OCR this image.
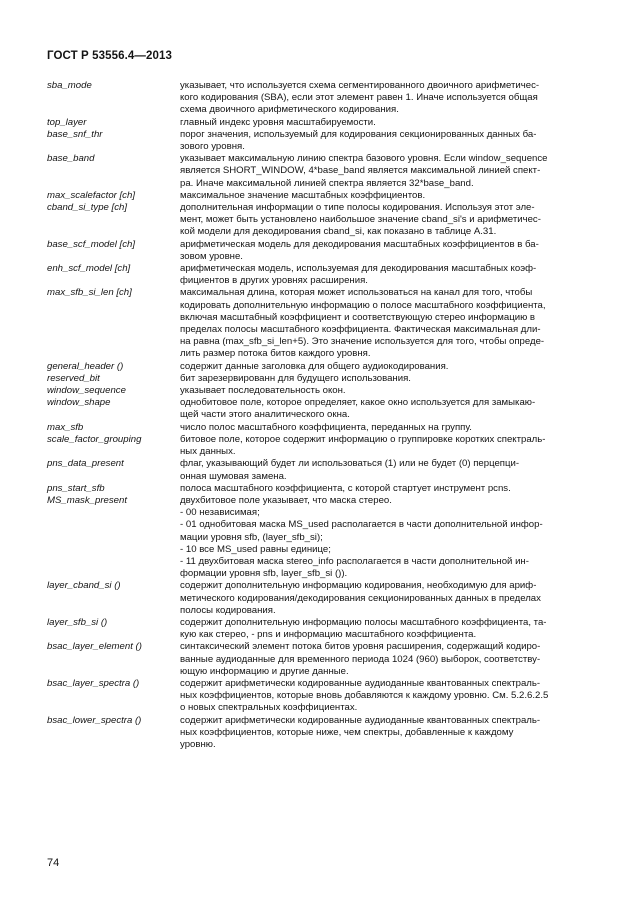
ГОСТ Р 53556.4—2013
sba_mode	указывает, что используется схема сегментированного двоичного арифметичес-
кого кодирования (SBA), если этот элемент равен 1. Иначе используется общая
схема двоичного арифметического кодирования.
top_layer	главный индекс уровня масштабируемости.
base_snf_thr	порог значения, используемый для кодирования секционированных данных ба-
зового уровня.
base_band	указывает максимальную линию спектра базового уровня. Если window_sequence
является SHORT_WINDOW, 4*base_band является максимальной линией спект-
ра. Иначе максимальной линией спектра является 32*base_band.
max_scalefactor [ch]	максимальное значение масштабных коэффициентов.
cband_si_type [ch]	дополнительная информации о типе полосы кодирования. Используя этот эле-
мент, может быть установлено наибольшое значение cband_si's и арифметичес-
кой модели для декодирования cband_si, как показано в таблице А.31.
base_scf_model [ch]	арифметическая модель для декодирования масштабных коэффициентов в ба-
зовом уровне.
enh_scf_model [ch]	арифметическая модель, используемая для декодирования масштабных коэф-
фициентов в других уровнях расширения.
max_sfb_si_len [ch]	максимальная длина, которая может использоваться на канал для того, чтобы
кодировать дополнительную информацию о полосе масштабного коэффициента,
включая масштабный коэффициент и соответствующую стерео информацию в
пределах полосы масштабного коэффициента. Фактическая максимальная дли-
на равна (max_sfb_si_len+5). Это значение используется для того, чтобы опреде-
лить размер потока битов каждого уровня.
general_header ()	содержит данные заголовка для общего аудиокодирования.
reserved_bit	бит зарезервированн для будущего использования.
window_sequence	указывает последовательность окон.
window_shape	однобитовое поле, которое определяет, какое окно используется для замыкаю-
щей части этого аналитического окна.
max_sfb	число полос масштабного коэффициента, переданных на группу.
scale_factor_grouping	битовое поле, которое содержит информацию о группировке коротких спектраль-
ных данных.
pns_data_present	флаг, указывающий будет ли использоваться (1) или не будет (0) перцепци-
онная шумовая замена.
pns_start_sfb	полоса масштабного коэффициента, с которой стартует инструмент pcns.
MS_mask_present	двухбитовое поле указывает, что маска стерео.
- 00 независимая;
- 01 однобитовая маска MS_used располагается в части дополнительной инфор-
мации уровня sfb, (layer_sfb_si);
- 10 все MS_used равны единице;
- 11 двухбитовая маска stereo_info располагается в части дополнительной ин-
формации уровня sfb, layer_sfb_si ()).
layer_cband_si ()	содержит дополнительную информацию кодирования, необходимую для ариф-
метического кодирования/декодирования секционированных данных в пределах
полосы кодирования.
layer_sfb_si ()	содержит дополнительную информацию полосы масштабного коэффициента, та-
кую как стерео, - pns и информацию масштабного коэффициента.
bsac_layer_element ()	синтаксический элемент потока битов уровня расширения, содержащий кодиро-
ванные аудиоданные для временного периода 1024 (960) выборок, соответству-
ющую информацию и другие данные.
bsac_layer_spectra ()	содержит арифметически кодированные аудиоданные квантованных спектраль-
ных коэффициентов, которые вновь добавляются к каждому уровню. См. 5.2.6.2.5
о новых спектральных коэффициентах.
bsac_lower_spectra ()	содержит арифметически кодированные аудиоданные квантованных спектраль-
ных коэффициентов, которые ниже, чем спектры, добавленные к каждому
уровню.
74
